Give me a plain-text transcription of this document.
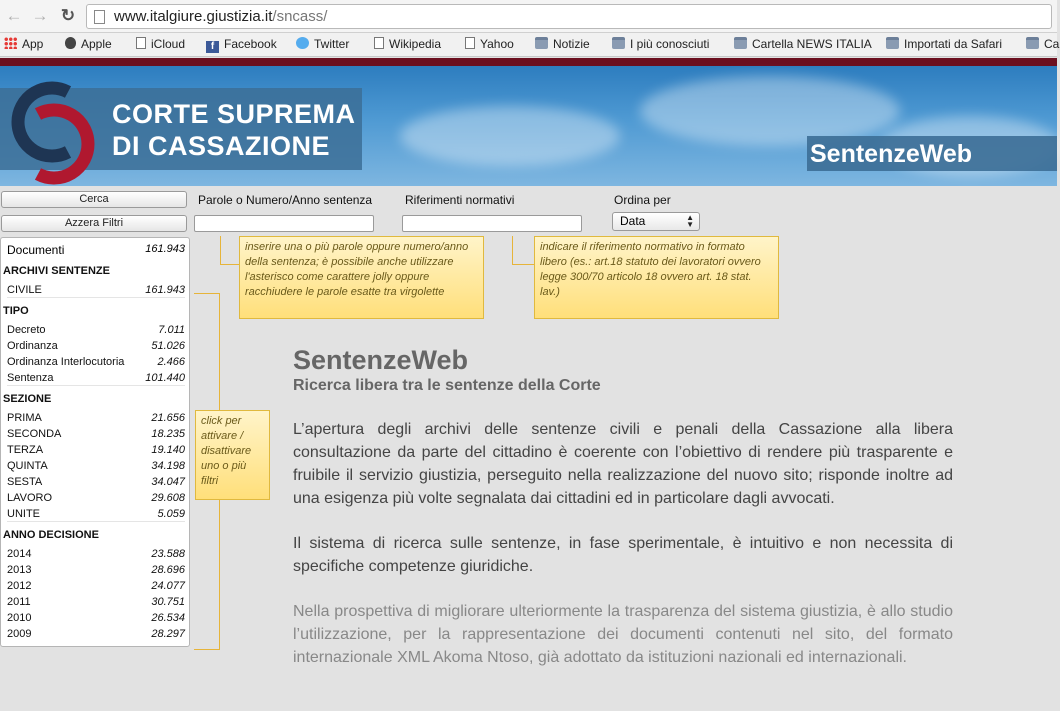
← → ↻	www.italgiure.giustizia.it/sncass/
App	Apple	iCloud	f Facebook	Twitter	Wikipedia	Yahoo	Notizie	I più conosciuti	Cartella NEWS ITALIA	Importati da Safari	Ca
CORTE SUPREMA
DI CASSAZIONE	SentenzeWeb
Cerca
Azzera Filtri
Parole o Numero/Anno sentenza	Riferimenti normativi	Ordina per
Data	▲
▼
inserire una o più parole oppure numero/anno della sentenza; è possibile anche utilizzare l'asterisco come carattere jolly oppure racchiudere le parole esatte tra virgolette
indicare il riferimento normativo in formato libero (es.: art.18 statuto dei lavoratori ovvero legge 300/70 articolo 18 ovvero art. 18 stat. lav.)
click per attivare / disattivare uno o più filtri
Documenti	161.943
ARCHIVI SENTENZE
CIVILE	161.943
TIPO
Decreto	7.011
Ordinanza	51.026
Ordinanza Interlocutoria	2.466
Sentenza	101.440
SEZIONE
PRIMA	21.656
SECONDA	18.235
TERZA	19.140
QUINTA	34.198
SESTA	34.047
LAVORO	29.608
UNITE	5.059
ANNO DECISIONE
2014	23.588
2013	28.696
2012	24.077
2011	30.751
2010	26.534
2009	28.297
SentenzeWeb
Ricerca libera tra le sentenze della Corte

L’apertura degli archivi delle sentenze civili e penali della Cassazione alla libera consultazione da parte del cittadino è coerente con l’obiettivo di rendere più trasparente e fruibile il servizio giustizia, perseguito nella realizzazione del nuovo sito; risponde inoltre ad una esigenza più volte segnalata dai cittadini ed in particolare dagli avvocati.

Il sistema di ricerca sulle sentenze, in fase sperimentale, è intuitivo e non necessita di specifiche competenze giuridiche.

Nella prospettiva di migliorare ulteriormente la trasparenza del sistema giustizia, è allo studio l’utilizzazione, per la rappresentazione dei documenti contenuti nel sito, del formato internazionale XML Akoma Ntoso, già adottato da istituzioni nazionali ed internazionali.
